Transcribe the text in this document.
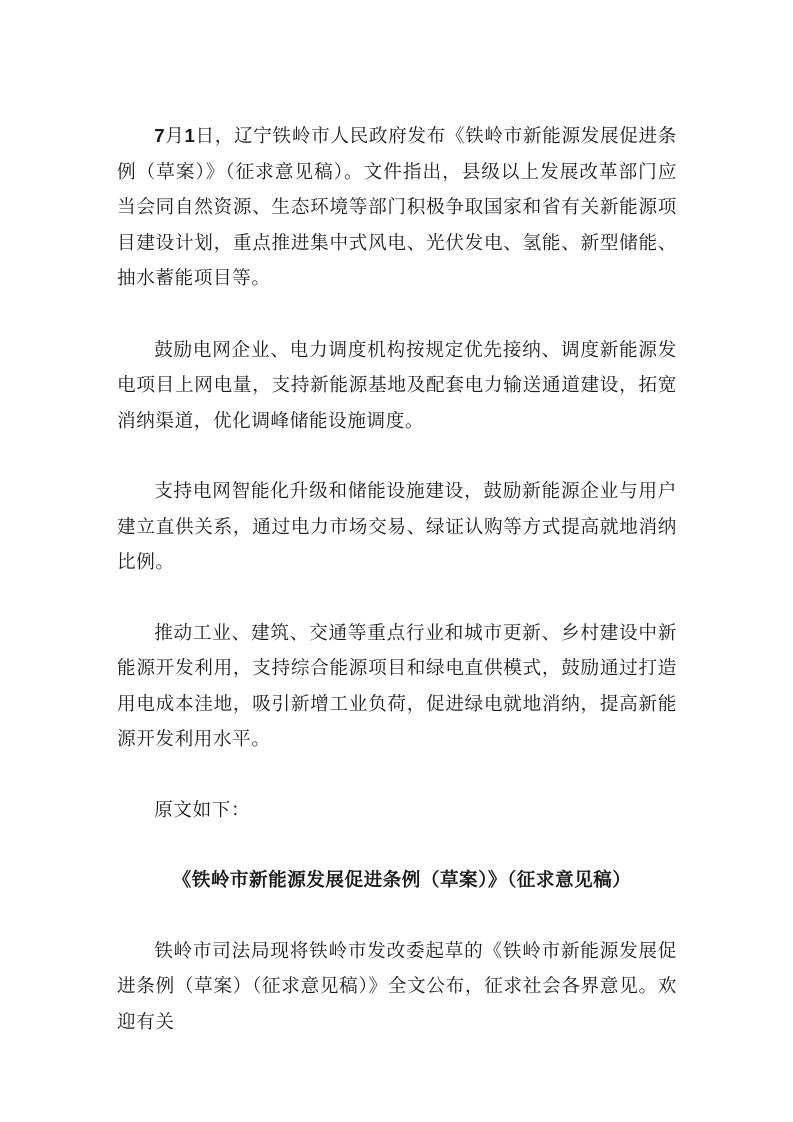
7月1日，辽宁铁岭市人民政府发布《铁岭市新能源发展促进条例（草案）》（征求意见稿）。文件指出，县级以上发展改革部门应当会同自然资源、生态环境等部门积极争取国家和省有关新能源项目建设计划，重点推进集中式风电、光伏发电、氢能、新型储能、抽水蓄能项目等。

鼓励电网企业、电力调度机构按规定优先接纳、调度新能源发电项目上网电量，支持新能源基地及配套电力输送通道建设，拓宽消纳渠道，优化调峰储能设施调度。

支持电网智能化升级和储能设施建设，鼓励新能源企业与用户建立直供关系，通过电力市场交易、绿证认购等方式提高就地消纳比例。

推动工业、建筑、交通等重点行业和城市更新、乡村建设中新能源开发利用，支持综合能源项目和绿电直供模式，鼓励通过打造用电成本洼地，吸引新增工业负荷，促进绿电就地消纳，提高新能源开发利用水平。

原文如下：

《铁岭市新能源发展促进条例（草案）》（征求意见稿）

铁岭市司法局现将铁岭市发改委起草的《铁岭市新能源发展促进条例（草案）（征求意见稿）》全文公布，征求社会各界意见。欢迎有关
